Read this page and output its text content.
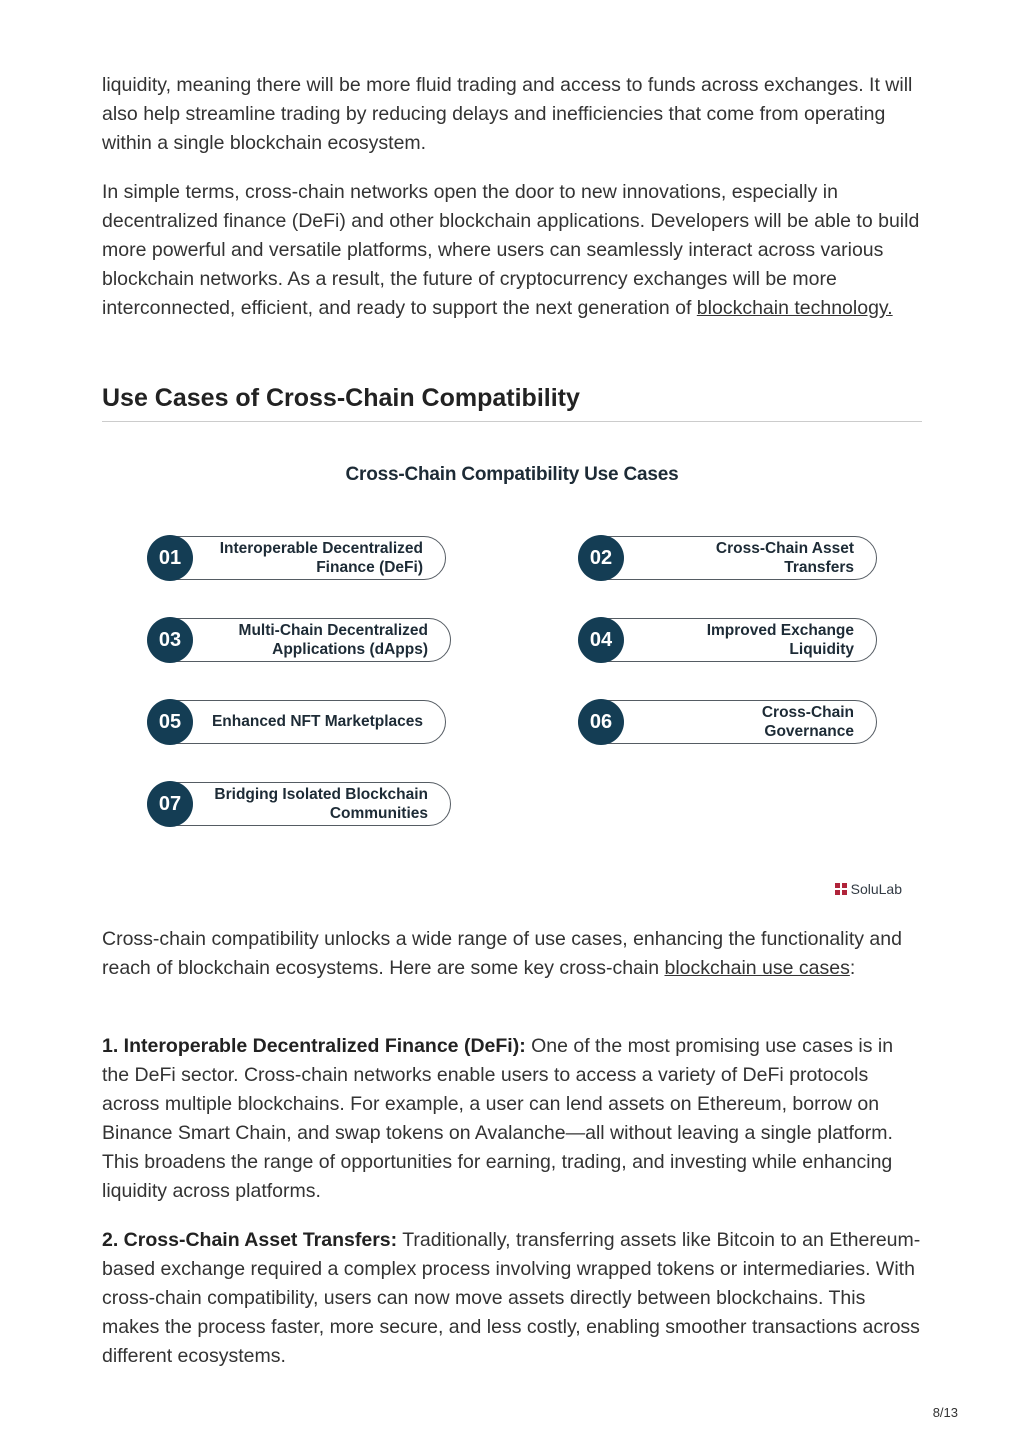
liquidity, meaning there will be more fluid trading and access to funds across exchanges. It will also help streamline trading by reducing delays and inefficiencies that come from operating within a single blockchain ecosystem.

In simple terms, cross-chain networks open the door to new innovations, especially in decentralized finance (DeFi) and other blockchain applications. Developers will be able to build more powerful and versatile platforms, where users can seamlessly interact across various blockchain networks. As a result, the future of cryptocurrency exchanges will be more interconnected, efficient, and ready to support the next generation of blockchain technology.

Use Cases of Cross-Chain Compatibility
Cross-Chain Compatibility Use Cases
01	Interoperable Decentralized
Finance (DeFi)	02	Cross-Chain Asset
Transfers
03	Multi-Chain Decentralized
Applications (dApps)	04	Improved Exchange
Liquidity
05	Enhanced NFT Marketplaces	06	Cross-Chain
Governance
07	Bridging Isolated Blockchain
Communities
SoluLab

Cross-chain compatibility unlocks a wide range of use cases, enhancing the functionality and reach of blockchain ecosystems. Here are some key cross-chain blockchain use cases:

1. Interoperable Decentralized Finance (DeFi): One of the most promising use cases is in the DeFi sector. Cross-chain networks enable users to access a variety of DeFi protocols across multiple blockchains. For example, a user can lend assets on Ethereum, borrow on Binance Smart Chain, and swap tokens on Avalanche—all without leaving a single platform. This broadens the range of opportunities for earning, trading, and investing while enhancing liquidity across platforms.

2. Cross-Chain Asset Transfers: Traditionally, transferring assets like Bitcoin to an Ethereum-based exchange required a complex process involving wrapped tokens or intermediaries. With cross-chain compatibility, users can now move assets directly between blockchains. This makes the process faster, more secure, and less costly, enabling smoother transactions across different ecosystems.

8/13
